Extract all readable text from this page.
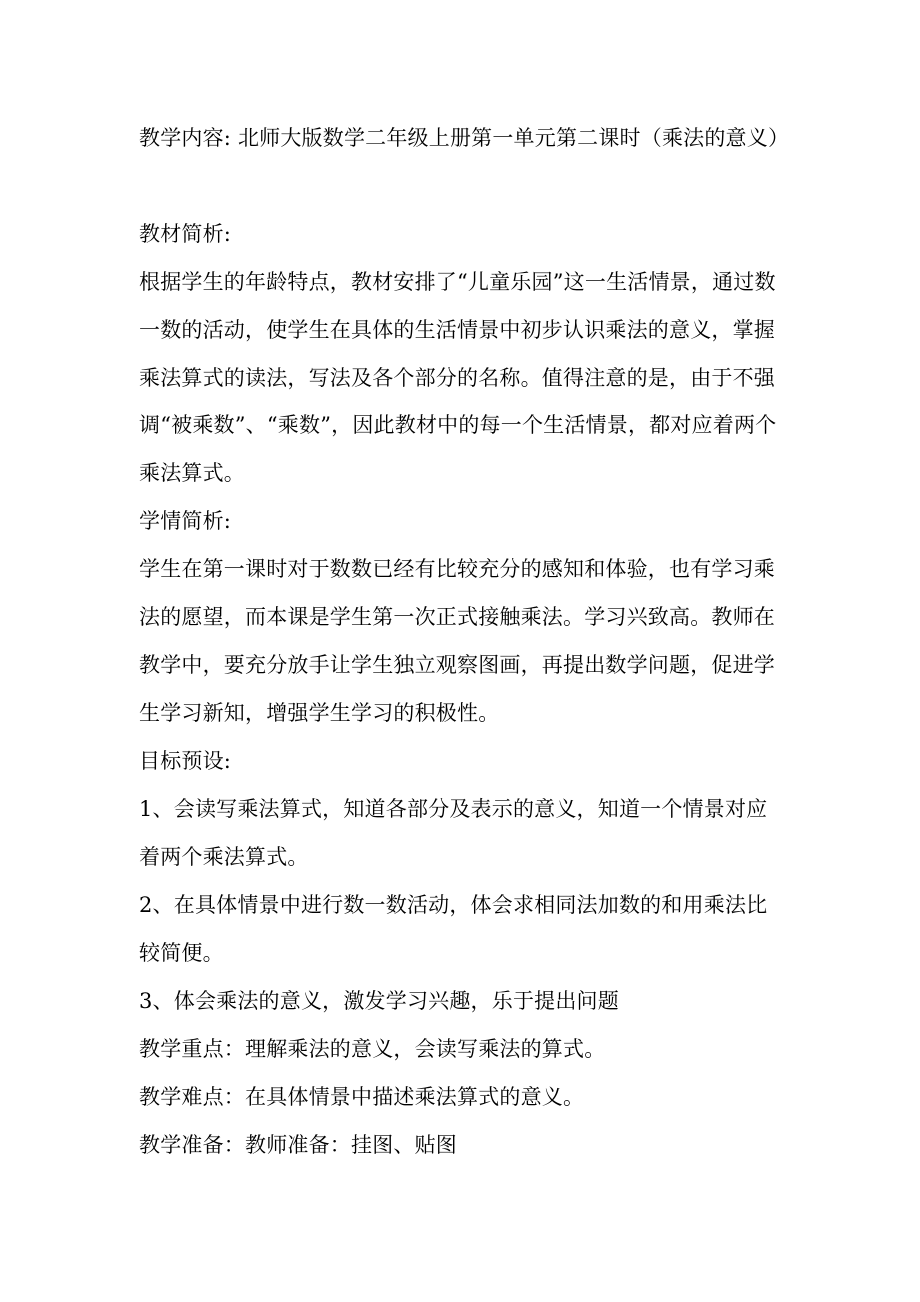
教学内容: 北师大版数学二年级上册第一单元第二课时（乘法的意义）
教材简析:
根据学生的年龄特点，教材安排了“儿童乐园”这一生活情景，通过数
一数的活动，使学生在具体的生活情景中初步认识乘法的意义，掌握
乘法算式的读法，写法及各个部分的名称。值得注意的是，由于不强
调“被乘数”、“乘数”，因此教材中的每一个生活情景，都对应着两个
乘法算式。
学情简析:
学生在第一课时对于数数已经有比较充分的感知和体验，也有学习乘
法的愿望，而本课是学生第一次正式接触乘法。学习兴致高。教师在
教学中，要充分放手让学生独立观察图画，再提出数学问题，促进学
生学习新知，增强学生学习的积极性。
目标预设:
1、会读写乘法算式，知道各部分及表示的意义，知道一个情景对应
着两个乘法算式。
2、在具体情景中进行数一数活动，体会求相同法加数的和用乘法比
较简便。
3、体会乘法的意义，激发学习兴趣，乐于提出问题
教学重点：理解乘法的意义，会读写乘法的算式。
教学难点：在具体情景中描述乘法算式的意义。
教学准备：教师准备：挂图、贴图
